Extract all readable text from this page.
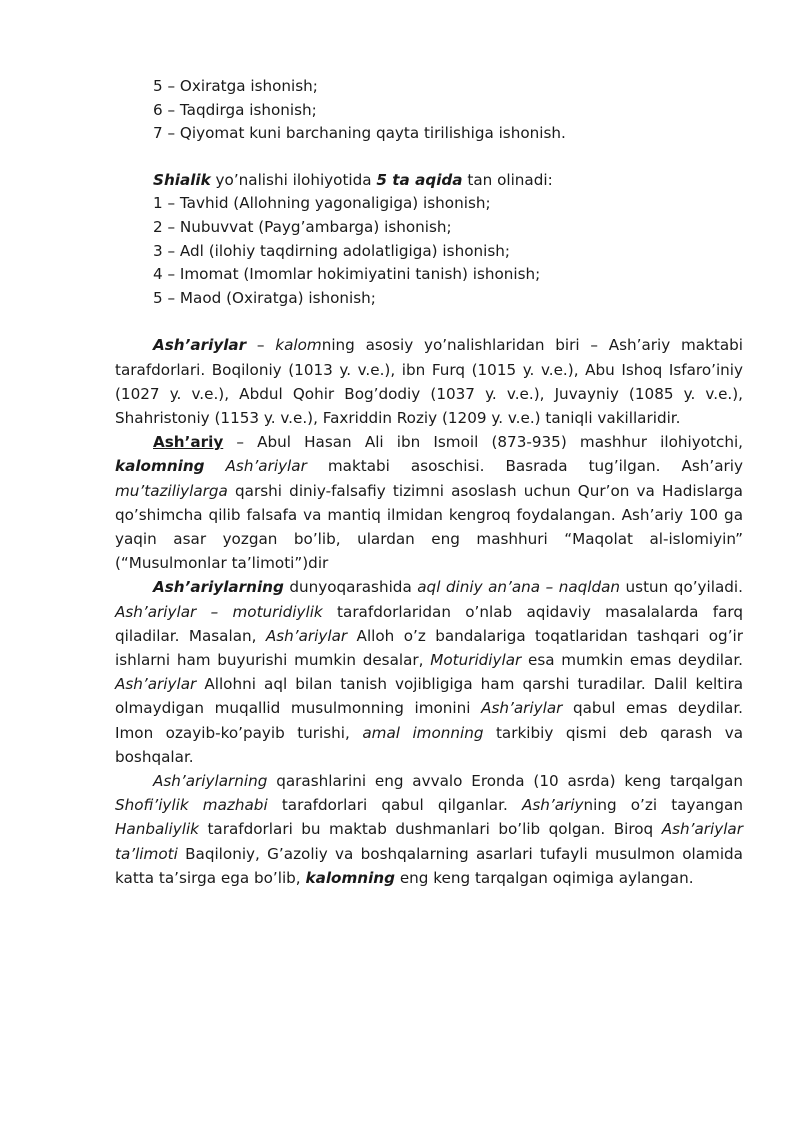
5 – Oxiratga ishonish;
6 – Taqdirga ishonish;
7 – Qiyomat kuni barchaning qayta tirilishiga ishonish.
Shialik yo’nalishi ilohiyotida 5 ta aqida tan olinadi:
1 – Tavhid (Allohning yagonaligiga) ishonish;
2 – Nubuvvat (Payg’ambarga) ishonish;
3 – Adl (ilohiy taqdirning adolatligiga) ishonish;
4 – Imomat (Imomlar hokimiyatini tanish) ishonish;
5 – Maod (Oxiratga) ishonish;

Ash’ariylar – kalomning asosiy yo’nalishlaridan biri – Ash’ariy maktabi tarafdorlari. Boqiloniy (1013 y. v.e.), ibn Furq (1015 y. v.e.), Abu Ishoq Isfaro’iniy (1027 y. v.e.), Abdul Qohir Bog’dodiy (1037 y. v.e.), Juvayniy (1085 y. v.e.), Shahristoniy (1153 y. v.e.), Faxriddin Roziy (1209 y. v.e.) taniqli vakillaridir.

Ash’ariy – Abul Hasan Ali ibn Ismoil (873-935) mashhur ilohiyotchi, kalomning Ash’ariylar maktabi asoschisi. Basrada tug’ilgan. Ash’ariy mu’taziliylarga qarshi diniy-falsafiy tizimni asoslash uchun Qur’on va Hadislarga qo’shimcha qilib falsafa va mantiq ilmidan kengroq foydalangan. Ash’ariy 100 ga yaqin asar yozgan bo’lib, ulardan eng mashhuri “Maqolat al-islomiyin” (“Musulmonlar ta’limoti”)dir

Ash’ariylarning dunyoqarashida aql diniy an’ana – naqldan ustun qo’yiladi. Ash’ariylar – moturidiylik tarafdorlaridan o’nlab aqidaviy masalalarda farq qiladilar. Masalan, Ash’ariylar Alloh o’z bandalariga toqatlaridan tashqari og’ir ishlarni ham buyurishi mumkin desalar, Moturidiylar esa mumkin emas deydilar. Ash’ariylar Allohni aql bilan tanish vojibligiga ham qarshi turadilar. Dalil keltira olmaydigan muqallid musulmonning imonini Ash’ariylar qabul emas deydilar. Imon ozayib-ko’payib turishi, amal imonning tarkibiy qismi deb qarash va boshqalar.

Ash’ariylarning qarashlarini eng avvalo Eronda (10 asrda) keng tarqalgan Shofi’iylik mazhabi tarafdorlari qabul qilganlar. Ash’ariyning o’zi tayangan Hanbaliylik tarafdorlari bu maktab dushmanlari bo’lib qolgan. Biroq Ash’ariylar ta’limoti Baqiloniy, G’azoliy va boshqalarning asarlari tufayli musulmon olamida katta ta’sirga ega bo’lib, kalomning eng keng tarqalgan oqimiga aylangan.
